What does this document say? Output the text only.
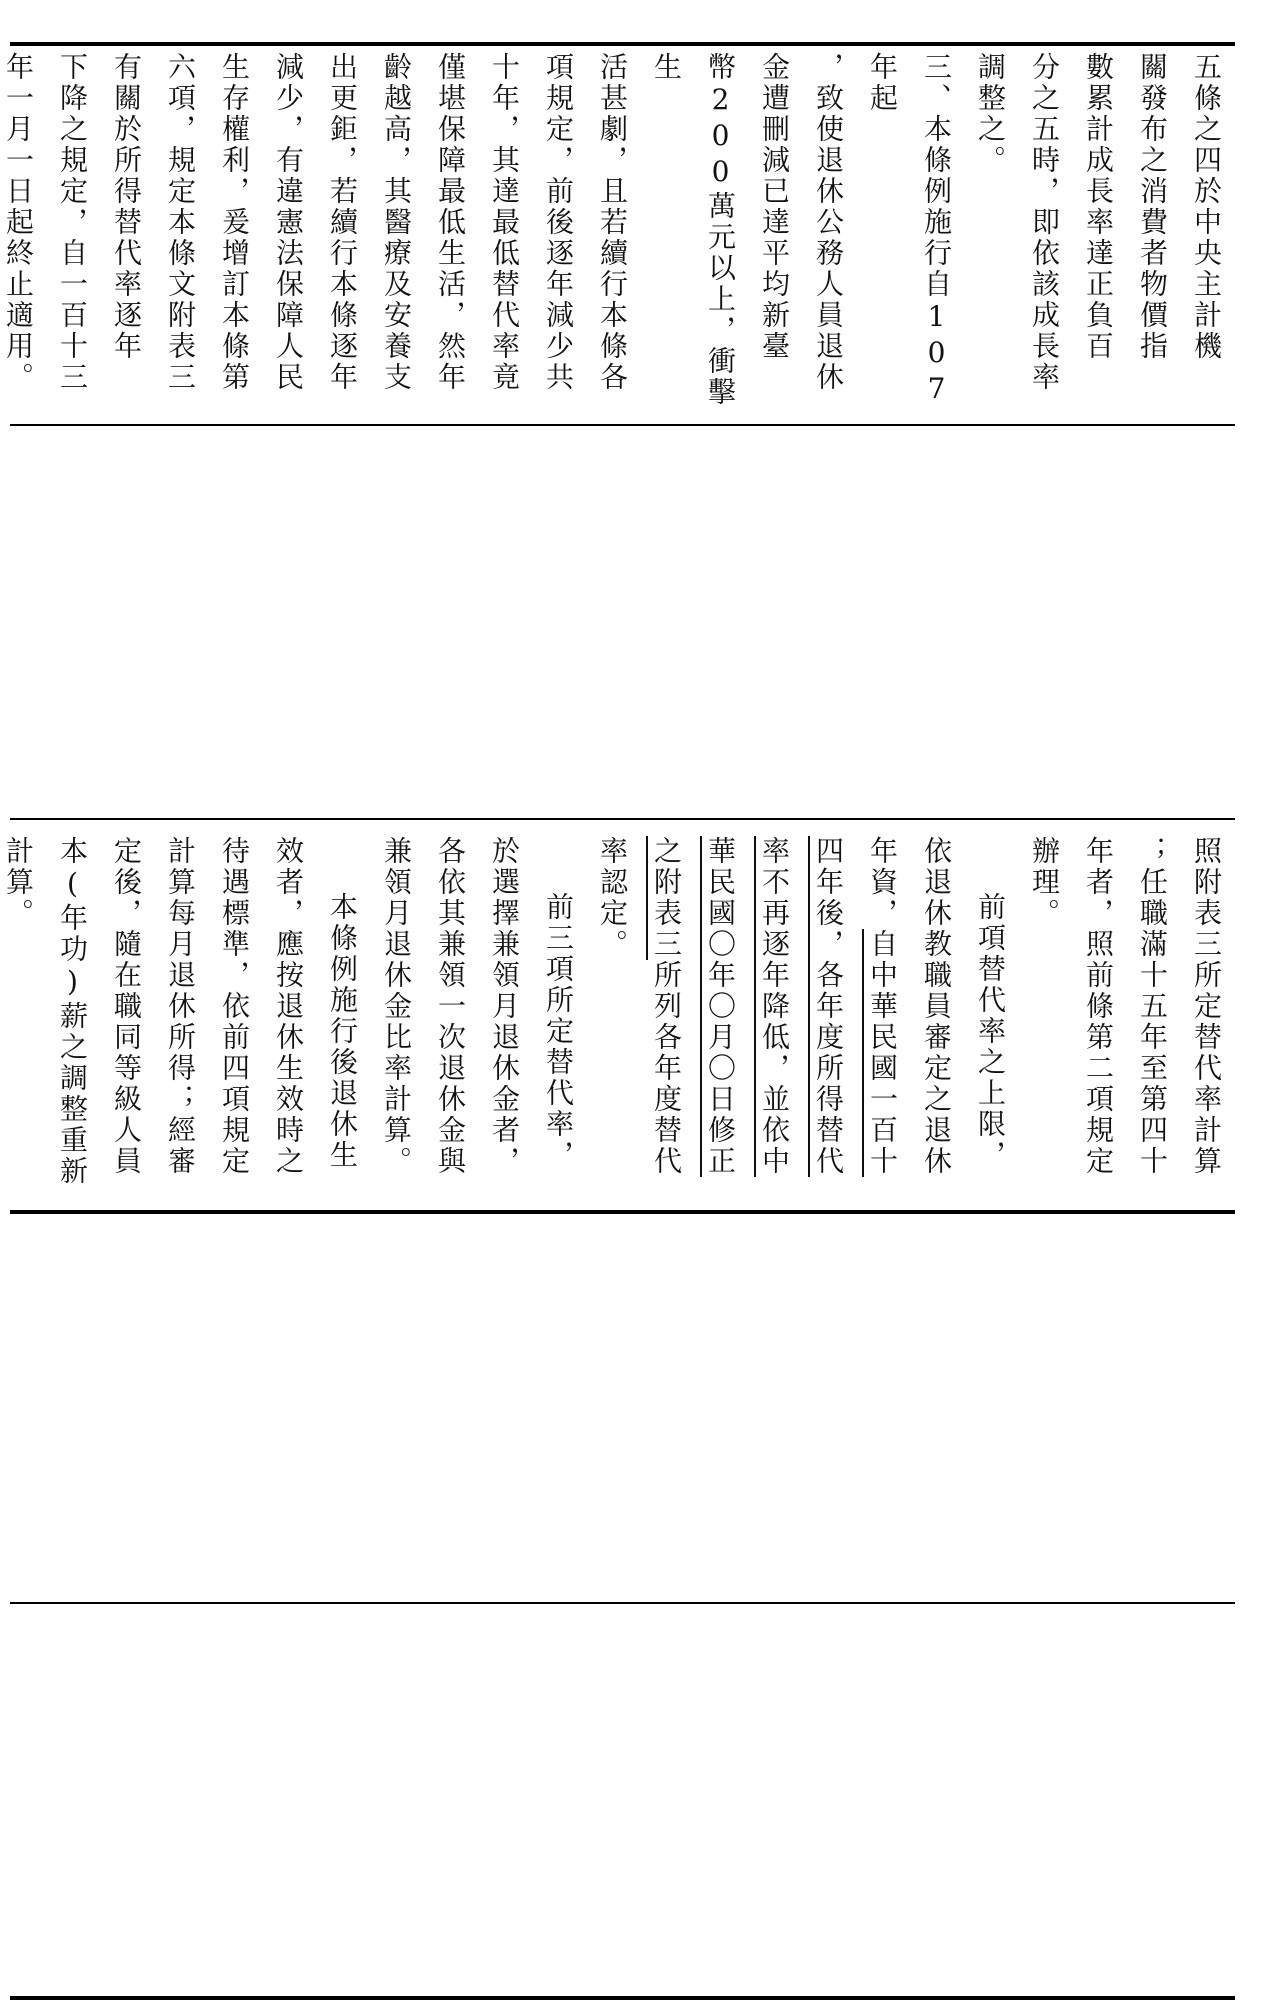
五條之四於中央主計機

關發布之消費者物價指

數累計成長率達正負百

分之五時，即依該成長率

調整之。

三、本條例施行自107年起

，致使退休公務人員退休

金遭刪減已達平均新臺

幣200萬元以上，衝擊生

活甚劇，且若續行本條各

項規定，前後逐年減少共

十年，其達最低替代率竟

僅堪保障最低生活，然年

齡越高，其醫療及安養支

出更鉅，若續行本條逐年

減少，有違憲法保障人民

生存權利，爰增訂本條第

六項，規定本條文附表三

有關於所得替代率逐年

下降之規定，自一百十三

年一月一日起終止適用。

照附表三所定替代率計算

；任職滿十五年至第四十

年者，照前條第二項規定

辦理。

前項替代率之上限，依退休教職員審定之退休年資，自中華民國一百十四年後，各年度所得替代率不再逐年降低，並依中華民國〇年〇月〇日修正之附表三所列各年度替代率認定。

前三項所定替代率，於選擇兼領月退休金者，各依其兼領一次退休金與兼領月退休金比率計算。

本條例施行後退休生效者，應按退休生效時之待遇標準，依前四項規定計算每月退休所得；經審定後，隨在職同等級人員本(年功)薪之調整重新計算。
